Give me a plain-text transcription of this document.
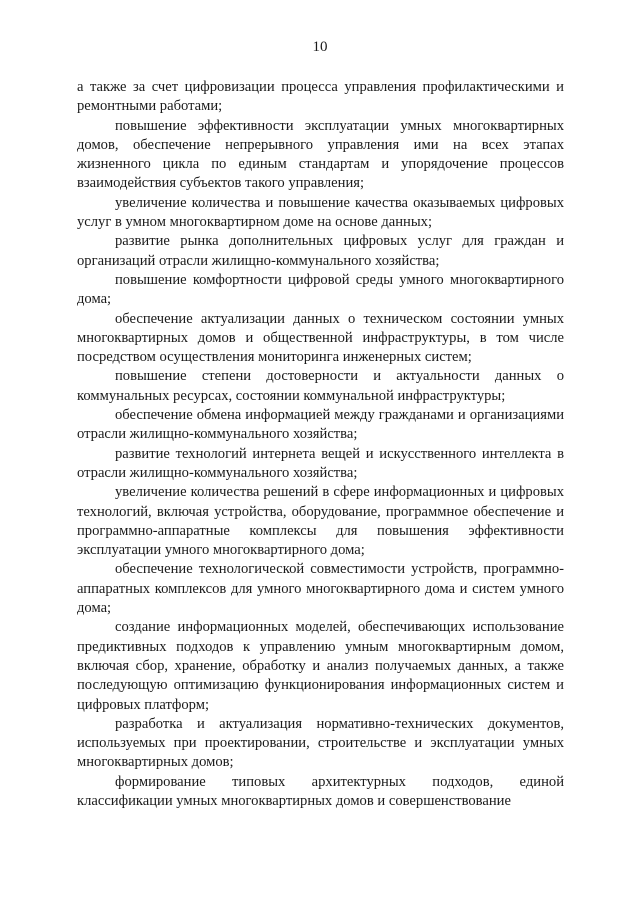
10

а также за счет цифровизации процесса управления профилактическими и ремонтными работами;

повышение эффективности эксплуатации умных многоквартирных домов, обеспечение непрерывного управления ими на всех этапах жизненного цикла по единым стандартам и упорядочение процессов взаимодействия субъектов такого управления;

увеличение количества и повышение качества оказываемых цифровых услуг в умном многоквартирном доме на основе данных;

развитие рынка дополнительных цифровых услуг для граждан и организаций отрасли жилищно-коммунального хозяйства;

повышение комфортности цифровой среды умного многоквартирного дома;

обеспечение актуализации данных о техническом состоянии умных многоквартирных домов и общественной инфраструктуры, в том числе посредством осуществления мониторинга инженерных систем;

повышение степени достоверности и актуальности данных о коммунальных ресурсах, состоянии коммунальной инфраструктуры;

обеспечение обмена информацией между гражданами и организациями отрасли жилищно-коммунального хозяйства;

развитие технологий интернета вещей и искусственного интеллекта в отрасли жилищно-коммунального хозяйства;

увеличение количества решений в сфере информационных и цифровых технологий, включая устройства, оборудование, программное обеспечение и программно-аппаратные комплексы для повышения эффективности эксплуатации умного многоквартирного дома;

обеспечение технологической совместимости устройств, программно-аппаратных комплексов для умного многоквартирного дома и систем умного дома;

создание информационных моделей, обеспечивающих использование предиктивных подходов к управлению умным многоквартирным домом, включая сбор, хранение, обработку и анализ получаемых данных, а также последующую оптимизацию функционирования информационных систем и цифровых платформ;

разработка и актуализация нормативно-технических документов, используемых при проектировании, строительстве и эксплуатации умных многоквартирных домов;

формирование типовых архитектурных подходов, единой классификации умных многоквартирных домов и совершенствование
